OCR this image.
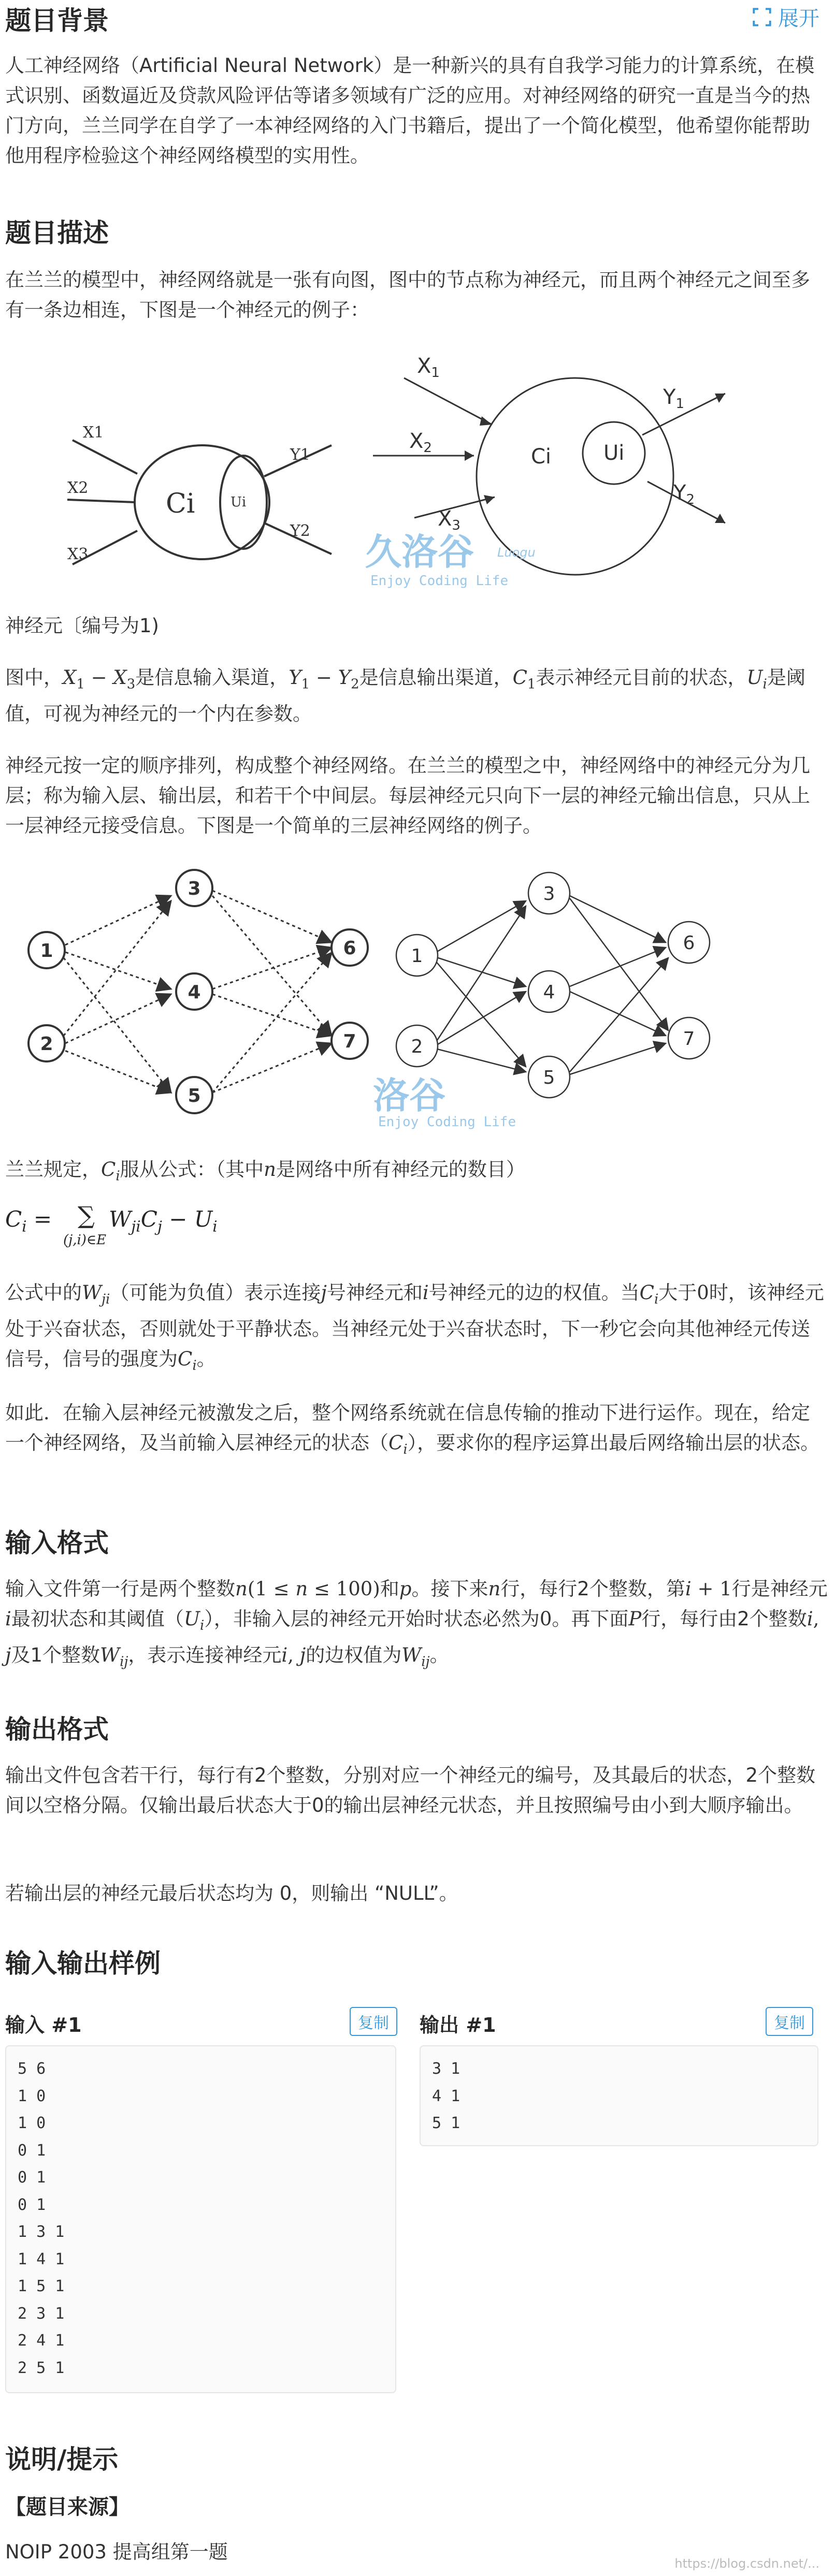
题目背景	展开
人工神经网络（Artificial Neural Network）是一种新兴的具有自我学习能力的计算系统，在模式识别、函数逼近及贷款风险评估等诸多领域有广泛的应用。对神经网络的研究一直是当今的热门方向，兰兰同学在自学了一本神经网络的入门书籍后，提出了一个简化模型，他希望你能帮助他用程序检验这个神经网络模型的实用性。
题目描述
在兰兰的模型中，神经网络就是一张有向图，图中的节点称为神经元，而且两个神经元之间至多有一条边相连，下图是一个神经元的例子：
X1
X2
X3
Y1
Y2
Ci	Ui
$X_1$
$X_2$
$X_3$
$Y_1$
$Y_2$
Ci	Ui
久洛谷
Enjoy Coding Life
Luogu
神经元〔编号为1)
图中，$X_1 - X_3$是信息输入渠道，$Y_1 - Y_2$是信息输出渠道，$C_1$表示神经元目前的状态，$U_i$是阈值，可视为神经元的一个内在参数。
神经元按一定的顺序排列，构成整个神经网络。在兰兰的模型之中，神经网络中的神经元分为几层；称为输入层、输出层，和若干个中间层。每层神经元只向下一层的神经元输出信息，只从上一层神经元接受信息。下图是一个简单的三层神经网络的例子。
1
2
3
4
5
6
7
1
2
3
4
5
6
7
洛谷
Enjoy Coding Life
兰兰规定，$C_i$服从公式：（其中n是网络中所有神经元的数目）
$C_i$ = ∑
(j,i)∈E
$W_{ji}C_j - U_i$
公式中的$W_{ji}$（可能为负值）表示连接j号神经元和i号神经元的边的权值。当$C_i$大于0时，该神经元处于兴奋状态，否则就处于平静状态。当神经元处于兴奋状态时，下一秒它会向其他神经元传送信号，信号的强度为$C_i$。
如此．在输入层神经元被激发之后，整个网络系统就在信息传输的推动下进行运作。现在，给定一个神经网络，及当前输入层神经元的状态$(C_i)$，要求你的程序运算出最后网络输出层的状态。
输入格式
输入文件第一行是两个整数n(1 ≤ n ≤ 100)和p。接下来n行，每行2个整数，第i + 1行是神经元i最初状态和其阈值$(U_i)$，非输入层的神经元开始时状态必然为0。再下面P行，每行由2个整数i, j及1个整数$W_{ij}$，表示连接神经元i, j的边权值为$W_{ij}$。
输出格式
输出文件包含若干行，每行有2个整数，分别对应一个神经元的编号，及其最后的状态，2个整数间以空格分隔。仅输出最后状态大于0的输出层神经元状态，并且按照编号由小到大顺序输出。
若输出层的神经元最后状态均为 0，则输出 “NULL”。
输入输出样例
输入 #1	复制
5 6
1 0
1 0
0 1
0 1
0 1
1 3 1
1 4 1
1 5 1
2 3 1
2 4 1
2 5 1
输出 #1	复制
3 1
4 1
5 1
说明/提示
【题目来源】
NOIP 2003 提高组第一题
https://blog.csdn.net/...
